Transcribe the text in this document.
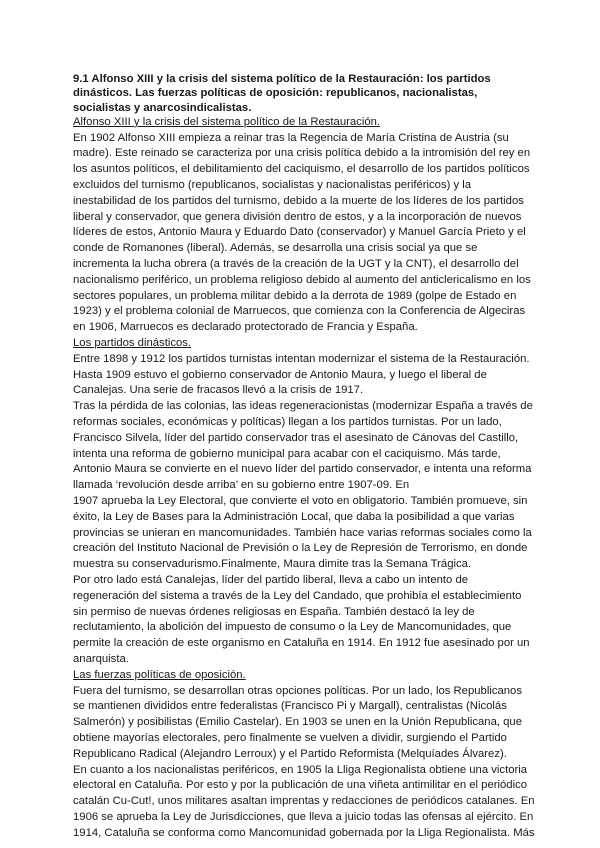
9.1 Alfonso XIII y la crisis del sistema político de la Restauración: los partidos dinásticos. Las fuerzas políticas de oposición: republicanos, nacionalistas, socialistas y anarcosindicalistas.

Alfonso XIII y la crisis del sistema político de la Restauración.

En 1902 Alfonso XIII empieza a reinar tras la Regencia de María Cristina de Austria (su madre). Este reinado se caracteriza por una crisis política debido a la intromisión del rey en los asuntos políticos, el debilitamiento del caciquismo, el desarrollo de los partidos políticos excluidos del turnismo (republicanos, socialistas y nacionalistas periféricos) y la inestabilidad de los partidos del turnismo, debido a la muerte de los líderes de los partidos liberal y conservador, que genera división dentro de estos, y a la incorporación de nuevos líderes de estos, Antonio Maura y Eduardo Dato (conservador) y Manuel García Prieto y el conde de Romanones (liberal). Además, se desarrolla una crisis social ya que se incrementa la lucha obrera (a través de la creación de la UGT y la CNT), el desarrollo del nacionalismo periférico, un problema religioso debido al aumento del anticlericalismo en los sectores populares, un problema militar debido a la derrota de 1989 (golpe de Estado en 1923) y el problema colonial de Marruecos, que comienza con la Conferencia de Algeciras en 1906, Marruecos es declarado protectorado de Francia y España.

Los partidos dinásticos.

Entre 1898 y 1912 los partidos turnistas intentan modernizar el sistema de la Restauración. Hasta 1909 estuvo el gobierno conservador de Antonio Maura, y luego el liberal de Canalejas. Una serie de fracasos llevó a la crisis de 1917.

Tras la pérdida de las colonias, las ideas regeneracionistas (modernizar España a través de reformas sociales, económicas y políticas) llegan a los partidos turnistas. Por un lado, Francisco Silvela, líder del partido conservador tras el asesinato de Cánovas del Castillo, intenta una reforma de gobierno municipal para acabar con el caciquismo. Más tarde, Antonio Maura se convierte en el nuevo líder del partido conservador, e intenta una reforma llamada ‘revolución desde arriba’ en su gobierno entre 1907-09. En

1907 aprueba la Ley Electoral, que convierte el voto en obligatorio. También promueve, sin éxito, la Ley de Bases para la Administración Local, que daba la posibilidad a que varias provincias se unieran en mancomunidades. También hace varias reformas sociales como la creación del Instituto Nacional de Previsión o la Ley de Represión de Terrorismo, en donde muestra su conservadurismo.Finalmente, Maura dimite tras la Semana Trágica.

Por otro lado está Canalejas, líder del partido liberal, lleva a cabo un intento de regeneración del sistema a través de la Ley del Candado, que prohibía el establecimiento sin permiso de nuevas órdenes religiosas en España. También destacó la ley de reclutamiento, la abolición del impuesto de consumo o la Ley de Mancomunidades, que permite la creación de este organismo en Cataluña en 1914. En 1912 fue asesinado por un anarquista.

Las fuerzas políticas de oposición.

Fuera del turnismo, se desarrollan otras opciones políticas. Por un lado, los Republicanos se mantienen divididos entre federalistas (Francisco Pi y Margall), centralistas (Nicolás Salmerón) y posibilistas (Emilio Castelar). En 1903 se unen en la Unión Republicana, que obtiene mayorías electorales, pero finalmente se vuelven a dividir, surgiendo el Partido Republicano Radical (Alejandro Lerroux) y el Partido Reformista (Melquíades Álvarez).

En cuanto a los nacionalistas periféricos, en 1905 la Lliga Regionalista obtiene una victoria electoral en Cataluña. Por esto y por la publicación de una viñeta antimilitar en el periódico catalán Cu-Cut!, unos militares asaltan imprentas y redacciones de periódicos catalanes. En 1906 se aprueba la Ley de Jurisdicciones, que lleva a juicio todas las ofensas al ejército. En 1914, Cataluña se conforma como Mancomunidad gobernada por la Lliga Regionalista. Más
